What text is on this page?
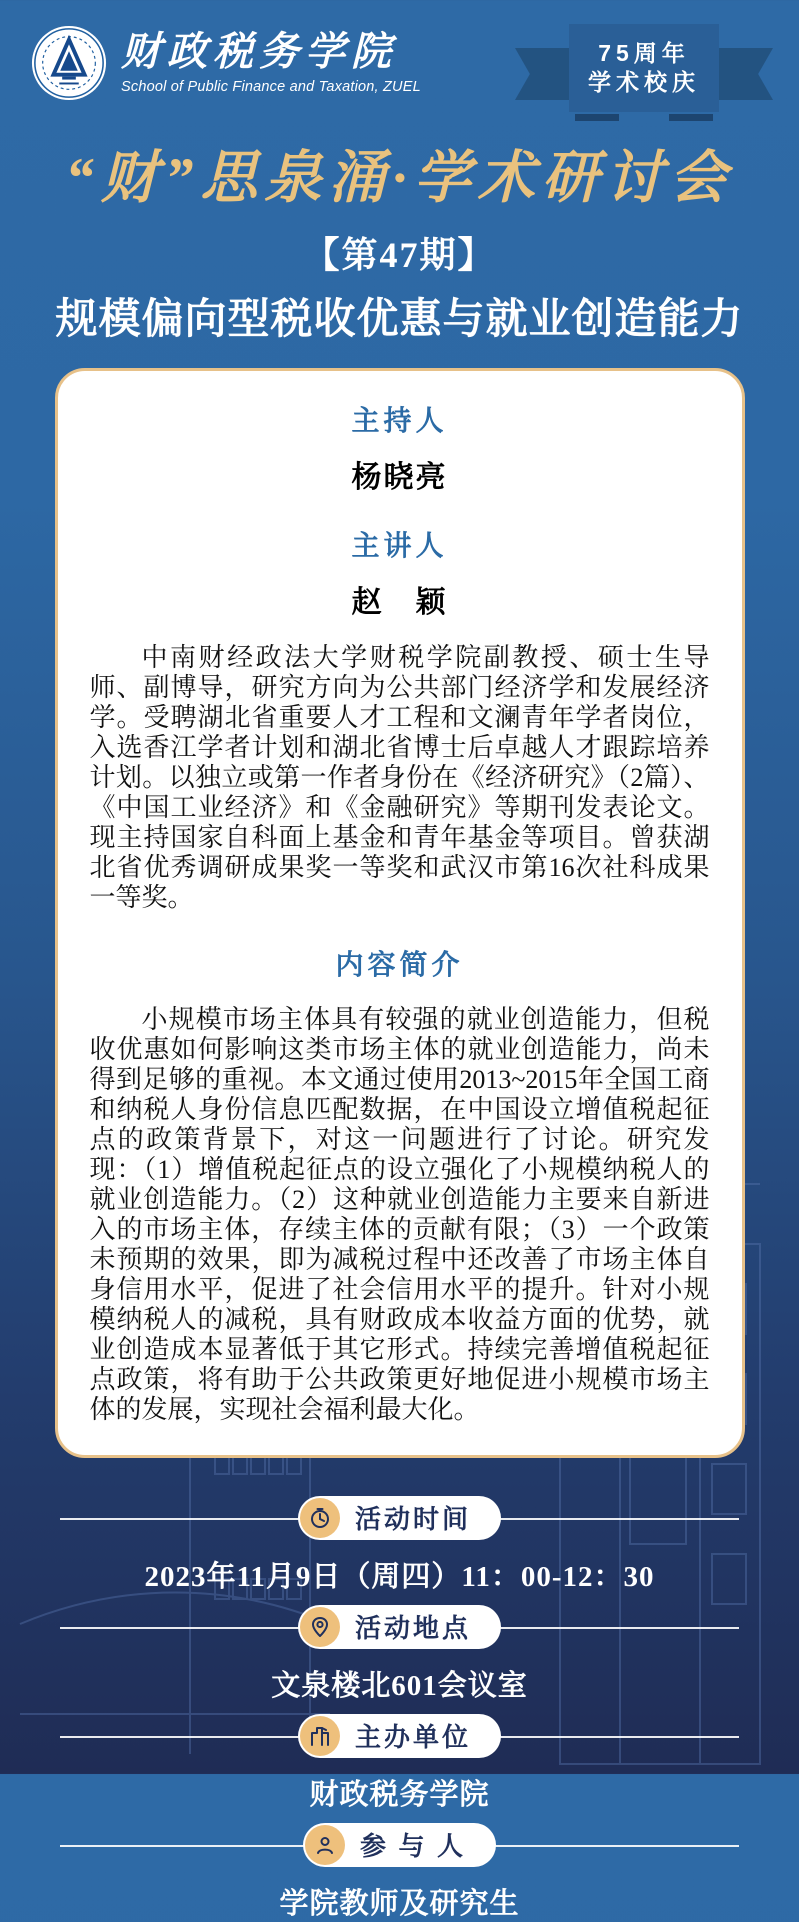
财政税务学院
School of Public Finance and Taxation, ZUEL
75周年
学术校庆
“财”思泉涌·学术研讨会
【第47期】
规模偏向型税收优惠与就业创造能力
主持人
杨晓亮
主讲人
赵　颖

中南财经政法大学财税学院副教授、硕士生导师、副博导，研究方向为公共部门经济学和发展经济学。受聘湖北省重要人才工程和文澜青年学者岗位，入选香江学者计划和湖北省博士后卓越人才跟踪培养计划。以独立或第一作者身份在《经济研究》（2篇）、《中国工业经济》和《金融研究》等期刊发表论文。现主持国家自科面上基金和青年基金等项目。曾获湖北省优秀调研成果奖一等奖和武汉市第16次社科成果一等奖。

内容简介

小规模市场主体具有较强的就业创造能力，但税收优惠如何影响这类市场主体的就业创造能力，尚未得到足够的重视。本文通过使用2013~2015年全国工商和纳税人身份信息匹配数据，在中国设立增值税起征点的政策背景下，对这一问题进行了讨论。研究发现：（1）增值税起征点的设立强化了小规模纳税人的就业创造能力。（2）这种就业创造能力主要来自新进入的市场主体，存续主体的贡献有限；（3）一个政策未预期的效果，即为减税过程中还改善了市场主体自身信用水平，促进了社会信用水平的提升。针对小规模纳税人的减税，具有财政成本收益方面的优势，就业创造成本显著低于其它形式。持续完善增值税起征点政策，将有助于公共政策更好地促进小规模市场主体的发展，实现社会福利最大化。

活动时间

2023年11月9日（周四）11：00-12：30

活动地点

文泉楼北601会议室

主办单位

财政税务学院

参 与 人

学院教师及研究生
